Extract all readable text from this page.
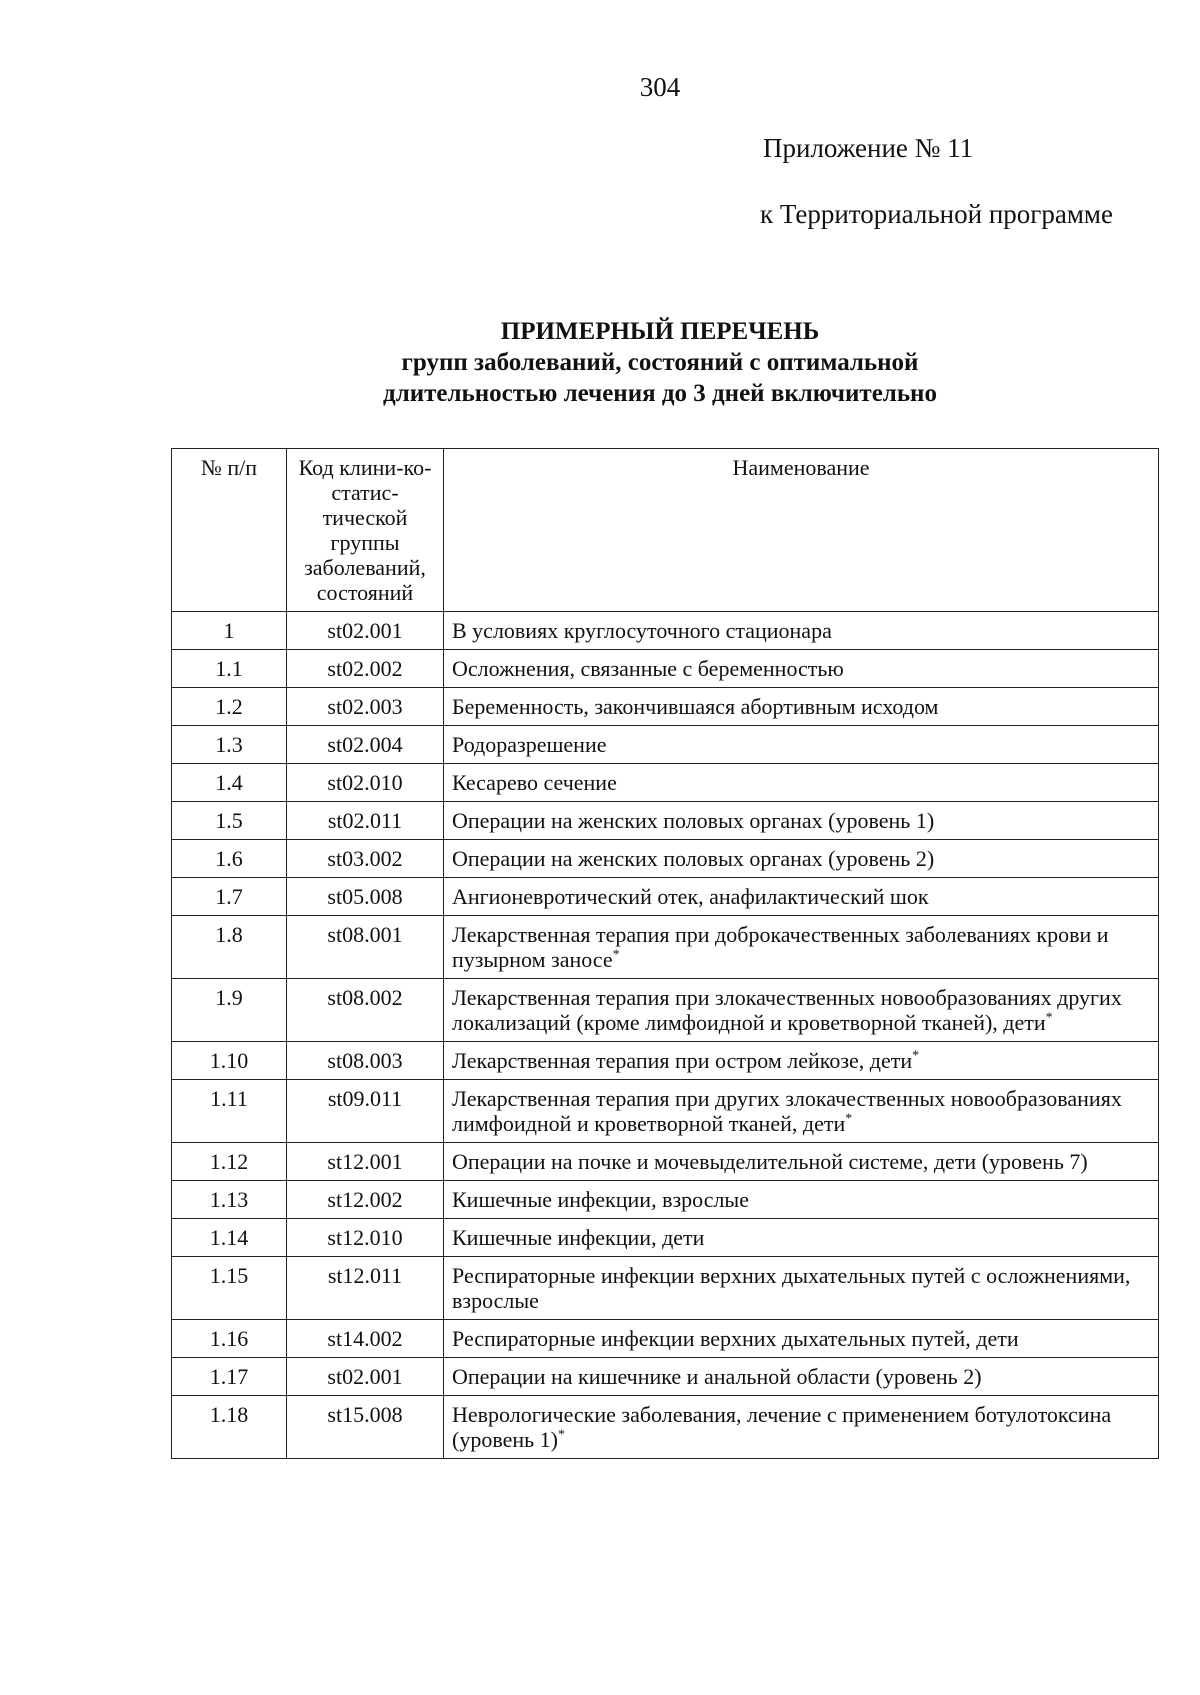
304
Приложение № 11
к Территориальной программе
ПРИМЕРНЫЙ ПЕРЕЧЕНЬ
групп заболеваний, состояний с оптимальной
длительностью лечения до 3 дней включительно
№ п/п	Код клини-ко-статис-тической группы заболеваний, состояний	Наименование
1	st02.001	В условиях круглосуточного стационара
1.1	st02.002	Осложнения, связанные с беременностью
1.2	st02.003	Беременность, закончившаяся абортивным исходом
1.3	st02.004	Родоразрешение
1.4	st02.010	Кесарево сечение
1.5	st02.011	Операции на женских половых органах (уровень 1)
1.6	st03.002	Операции на женских половых органах (уровень 2)
1.7	st05.008	Ангионевротический отек, анафилактический шок
1.8	st08.001	Лекарственная терапия при доброкачественных заболеваниях крови и пузырном заносе*
1.9	st08.002	Лекарственная терапия при злокачественных новообразованиях других локализаций (кроме лимфоидной и кроветворной тканей), дети*
1.10	st08.003	Лекарственная терапия при остром лейкозе, дети*
1.11	st09.011	Лекарственная терапия при других злокачественных новообразованиях лимфоидной и кроветворной тканей, дети*
1.12	st12.001	Операции на почке и мочевыделительной системе, дети (уровень 7)
1.13	st12.002	Кишечные инфекции, взрослые
1.14	st12.010	Кишечные инфекции, дети
1.15	st12.011	Респираторные инфекции верхних дыхательных путей с осложнениями, взрослые
1.16	st14.002	Респираторные инфекции верхних дыхательных путей, дети
1.17	st02.001	Операции на кишечнике и анальной области (уровень 2)
1.18	st15.008	Неврологические заболевания, лечение с применением ботулотоксина (уровень 1)*
